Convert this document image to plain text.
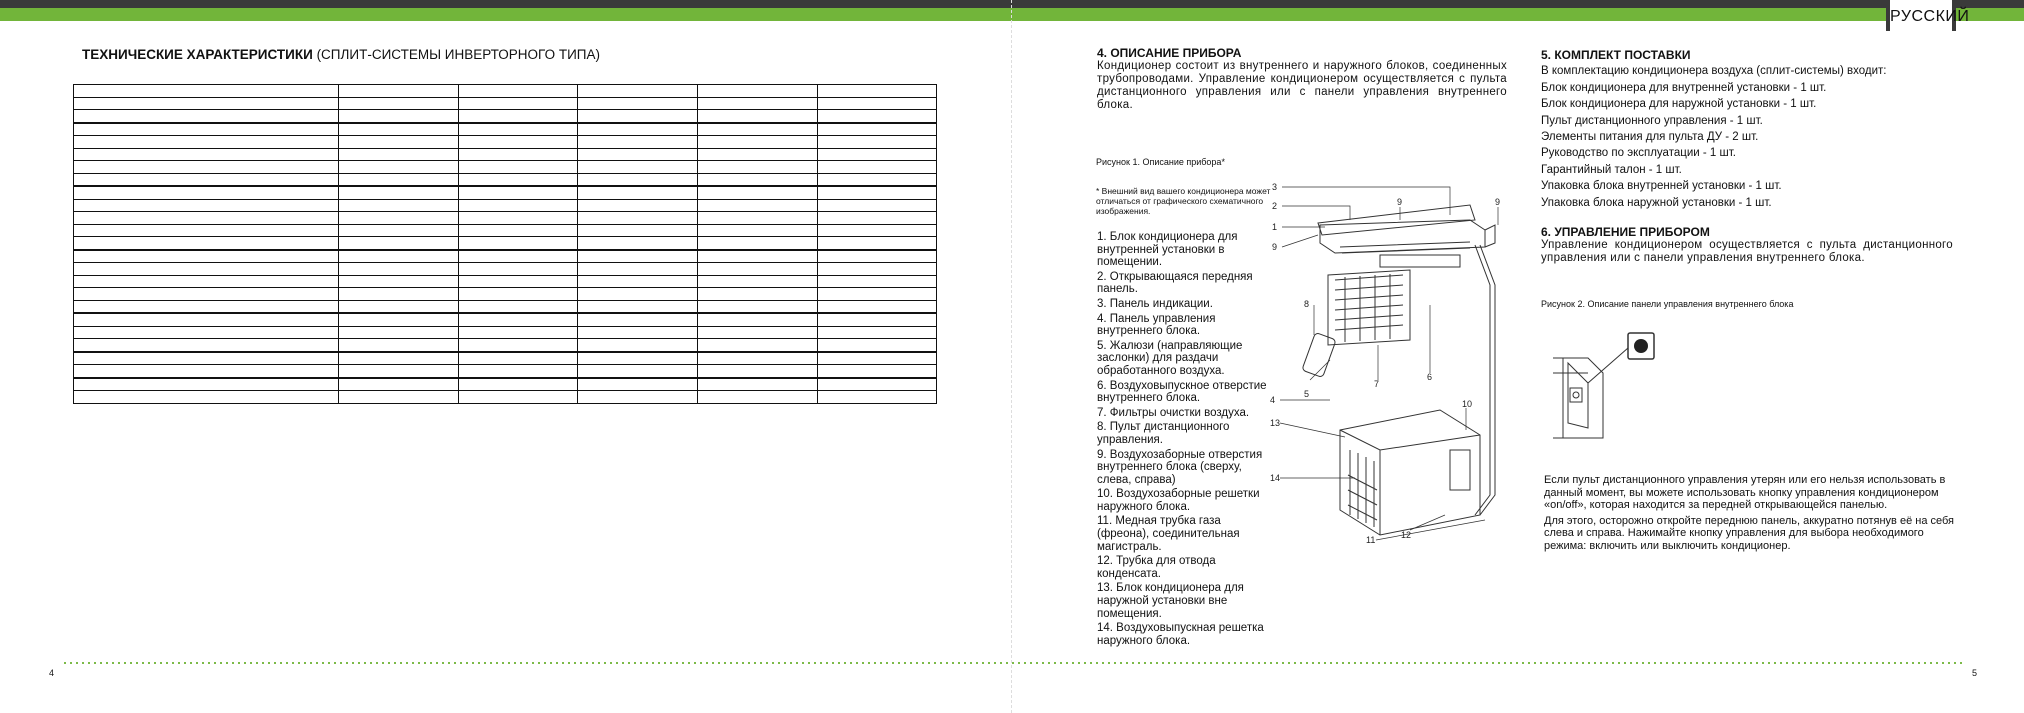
РУССКИЙ
ТЕХНИЧЕСКИЕ ХАРАКТЕРИСТИКИ (СПЛИТ-СИСТЕМЫ ИНВЕРТОРНОГО ТИПА)

						4. ОПИСАНИЕ ПРИБОРА
Кондиционер состоит из внутреннего и наружного блоков, соединенных трубопроводами. Управление кондиционером осуществляется с пульта дистанционного управления или с панели управления внутреннего блока.
Рисунок 1. Описание прибора*
* Внешний вид вашего кондиционера может отличаться от графического схематичного изображения.
1. Блок кондиционера для внутренней установки в помещении.
2. Открывающаяся передняя панель.
3. Панель индикации.
4. Панель управления внутреннего блока.
5. Жалюзи (направляющие заслонки) для раздачи обработанного воздуха.
6. Воздуховыпускное отверстие внутреннего блока.
7. Фильтры очистки воздуха.
8. Пульт дистанционного управления.
9. Воздухозаборные отверстия внутреннего блока (сверху, слева, справа)
10. Воздухозаборные решетки наружного блока.
11. Медная трубка газа (фреона), соединительная магистраль.
12. Трубка для отвода конденсата.
13. Блок кондиционера для наружной установки вне помещения.
14. Воздуховыпускная решетка наружного блока.
3
2
1
9
9	9
8
5
4
7
6
10
13
14
12
11
5. КОМПЛЕКТ ПОСТАВКИ
В комплектацию кондиционера воздуха (сплит-системы) входит:
Блок кондиционера для внутренней установки - 1 шт.
Блок кондиционера для наружной установки - 1 шт.
Пульт дистанционного управления - 1 шт.
Элементы питания для пульта ДУ - 2 шт.
Руководство по эксплуатации - 1 шт.
Гарантийный талон - 1 шт.
Упаковка блока внутренней установки - 1 шт.
Упаковка блока наружной установки - 1 шт.
6. УПРАВЛЕНИЕ ПРИБОРОМ
Управление кондиционером осуществляется с пульта дистанционного управления или с панели управления внутреннего блока.
Рисунок 2. Описание панели управления внутреннего блока
Если пульт дистанционного управления утерян или его нельзя использовать в данный момент, вы можете использовать кнопку управления кондиционером «on/off», которая находится за передней открывающейся панелью.
Для этого, осторожно откройте переднюю панель, аккуратно потянув её на себя слева и справа. Нажимайте кнопку управления для выбора необходимого режима: включить или выключить кондиционер.
4	5
